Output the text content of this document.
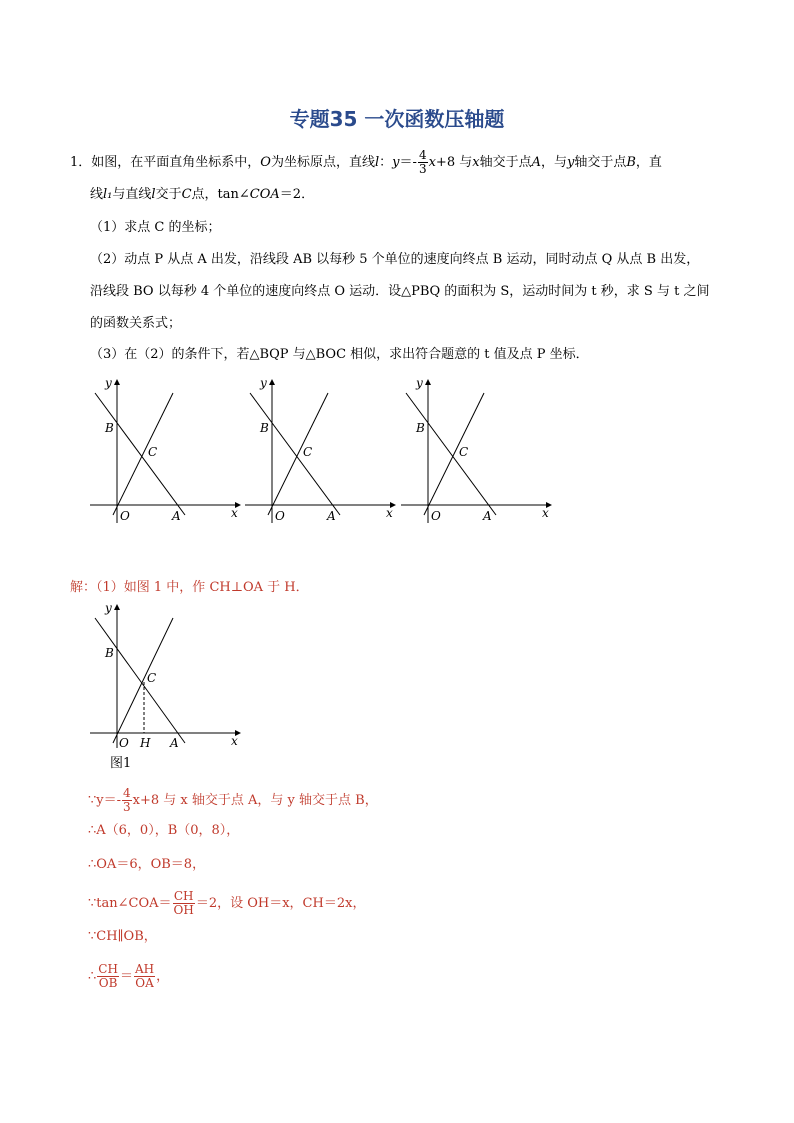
专题35 一次函数压轴题
1．如图，在平面直角坐标系中，O为坐标原点，直线l：$y=- \frac{4}{3} x+8$ 与x轴交于点A，与y轴交于点B，直
线l₁与直线l交于C点，tan∠COA＝2．
（1）求点 C 的坐标；
（2）动点 P 从点 A 出发，沿线段 AB 以每秒 5 个单位的速度向终点 B 运动，同时动点 Q 从点 B 出发，
沿线段 BO 以每秒 4 个单位的速度向终点 O 运动．设△PBQ 的面积为 S，运动时间为 t 秒，求 S 与 t 之间
的函数关系式；
（3）在（2）的条件下，若△BQP 与△BOC 相似，求出符合题意的 t 值及点 P 坐标．
y
x
B
C
O	A
y
x
B
C
O	A
y
x
B
C
O	A
解：（1）如图 1 中，作 CH⊥OA 于 H．
y
x
B
C
O H A
图1
∵y＝- $\frac{4}{3} x+8$ 与 x 轴交于点 A，与 y 轴交于点 B，
∴A（6，0），B（0，8），
∴OA＝6，OB＝8，
∵tan∠COA＝ $\frac{CH}{OH} =2$，设 OH＝x，CH＝2x，
∵CH∥OB，
∴ $\frac{CH}{OB} = \frac{AH}{OA}$ ，
